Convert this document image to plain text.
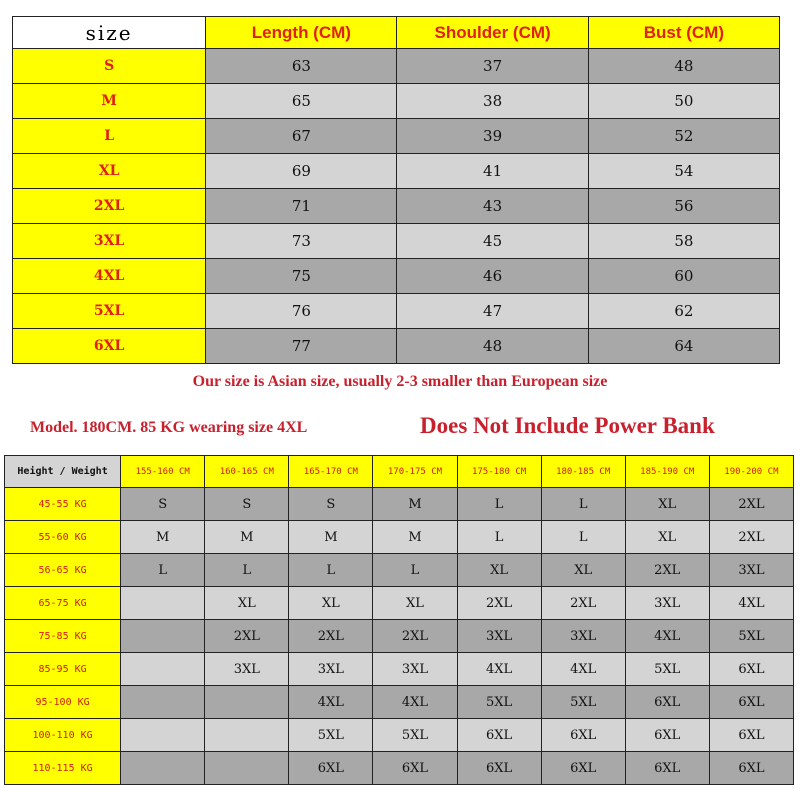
size	Length (CM)	Shoulder (CM)	Bust (CM)
S	63	37	48
M	65	38	50
L	67	39	52
XL	69	41	54
2XL	71	43	56
3XL	73	45	58
4XL	75	46	60
5XL	76	47	62
6XL	77	48	64
Our size is Asian size, usually 2-3 smaller than European size
Model. 180CM. 85 KG wearing size 4XL	Does Not Include Power Bank
Height / Weight	155-160 CM	160-165 CM	165-170 CM	170-175 CM	175-180 CM	180-185 CM	185-190 CM	190-200 CM
45-55 KG	S	S	S	M	L	L	XL	2XL
55-60 KG	M	M	M	M	L	L	XL	2XL
56-65 KG	L	L	L	L	XL	XL	2XL	3XL
65-75 KG		XL	XL	XL	2XL	2XL	3XL	4XL
75-85 KG		2XL	2XL	2XL	3XL	3XL	4XL	5XL
85-95 KG		3XL	3XL	3XL	4XL	4XL	5XL	6XL
95-100 KG			4XL	4XL	5XL	5XL	6XL	6XL
100-110 KG			5XL	5XL	6XL	6XL	6XL	6XL
110-115 KG			6XL	6XL	6XL	6XL	6XL	6XL
